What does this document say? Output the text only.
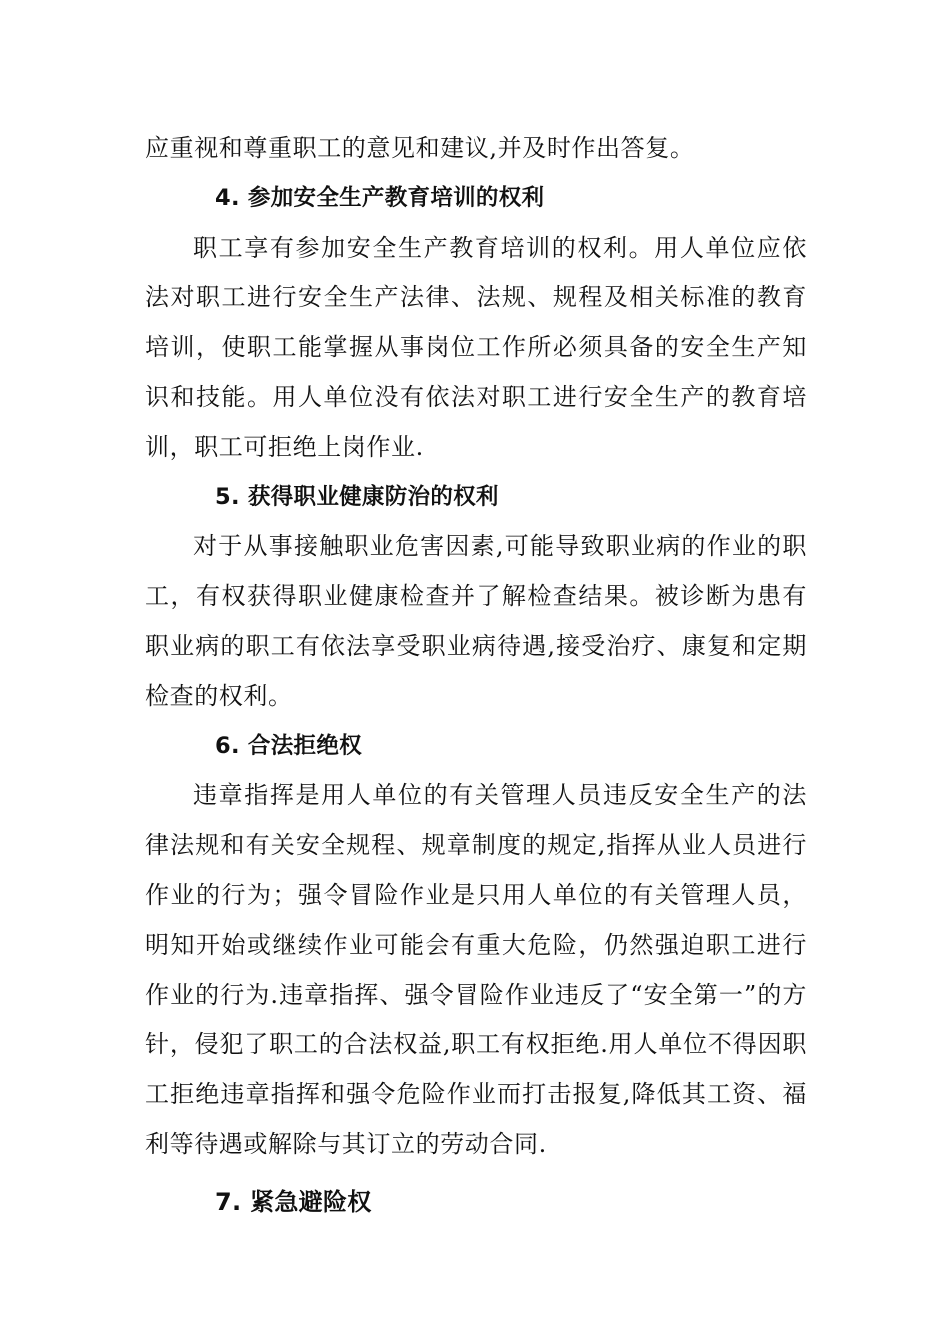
应重视和尊重职工的意见和建议,并及时作出答复。

4. 参加安全生产教育培训的权利

职工享有参加安全生产教育培训的权利。用人单位应依法对职工进行安全生产法律、法规、规程及相关标准的教育培训，使职工能掌握从事岗位工作所必须具备的安全生产知识和技能。用人单位没有依法对职工进行安全生产的教育培训，职工可拒绝上岗作业.

5. 获得职业健康防治的权利

对于从事接触职业危害因素,可能导致职业病的作业的职工，有权获得职业健康检查并了解检查结果。被诊断为患有职业病的职工有依法享受职业病待遇,接受治疗、康复和定期检查的权利。

6. 合法拒绝权

违章指挥是用人单位的有关管理人员违反安全生产的法律法规和有关安全规程、规章制度的规定,指挥从业人员进行作业的行为；强令冒险作业是只用人单位的有关管理人员，明知开始或继续作业可能会有重大危险，仍然强迫职工进行作业的行为.违章指挥、强令冒险作业违反了“安全第一”的方针，侵犯了职工的合法权益,职工有权拒绝.用人单位不得因职工拒绝违章指挥和强令危险作业而打击报复,降低其工资、福利等待遇或解除与其订立的劳动合同.

7. 紧急避险权
